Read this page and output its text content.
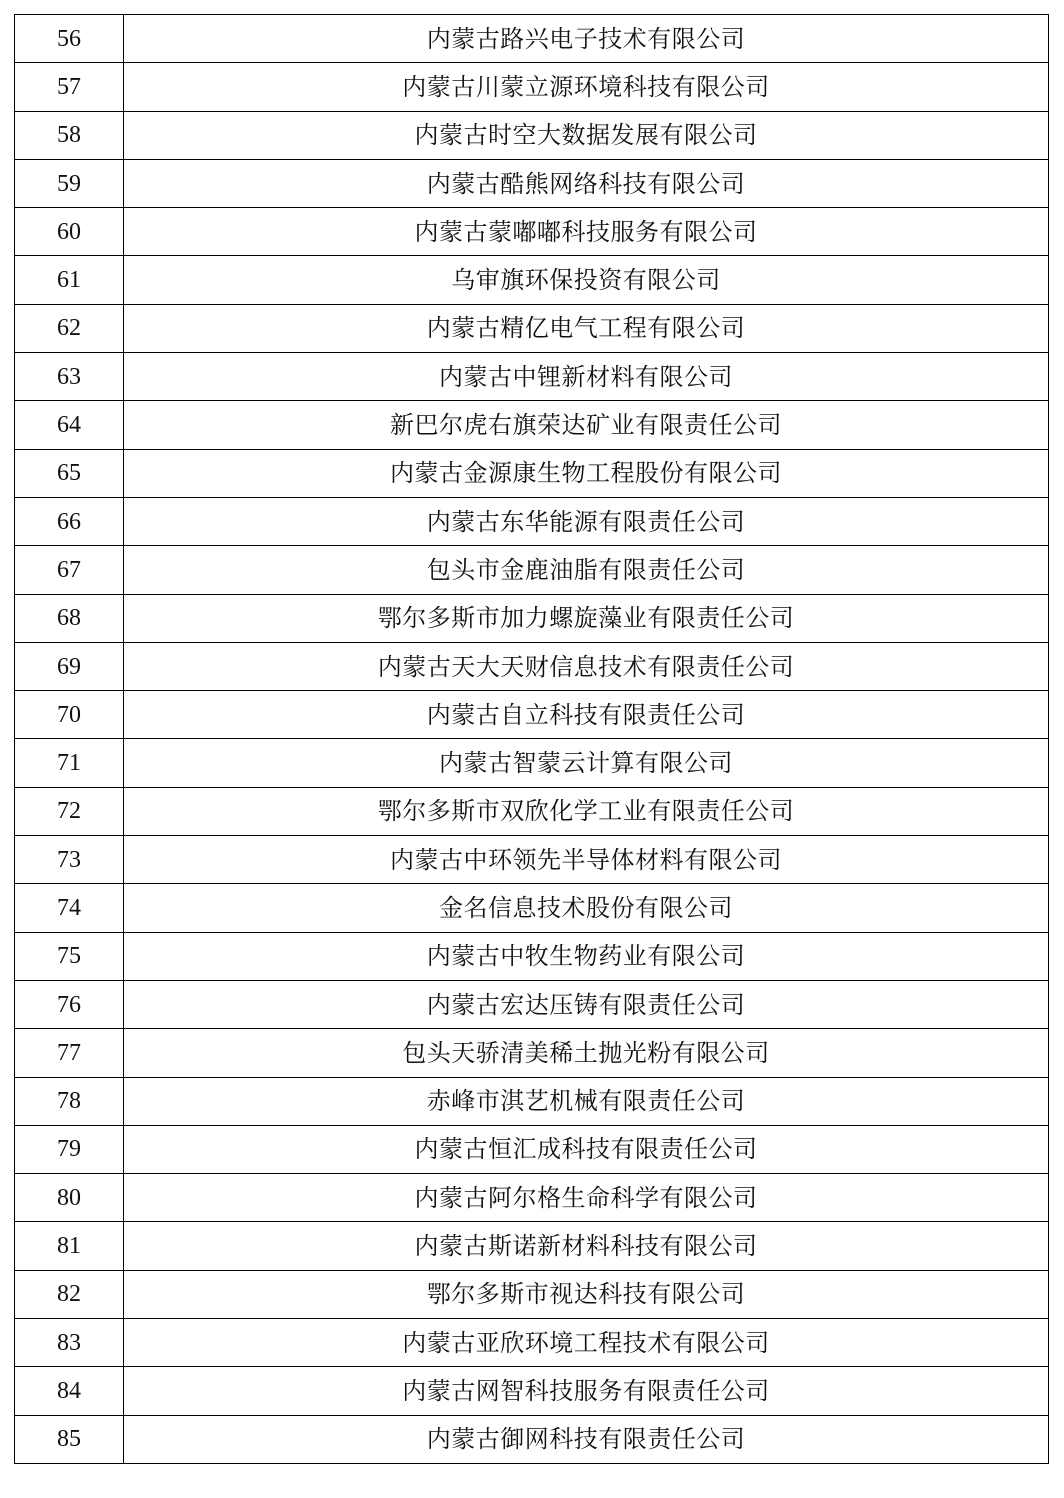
56	内蒙古路兴电子技术有限公司
57	内蒙古川蒙立源环境科技有限公司
58	内蒙古时空大数据发展有限公司
59	内蒙古酷熊网络科技有限公司
60	内蒙古蒙嘟嘟科技服务有限公司
61	乌审旗环保投资有限公司
62	内蒙古精亿电气工程有限公司
63	内蒙古中锂新材料有限公司
64	新巴尔虎右旗荣达矿业有限责任公司
65	内蒙古金源康生物工程股份有限公司
66	内蒙古东华能源有限责任公司
67	包头市金鹿油脂有限责任公司
68	鄂尔多斯市加力螺旋藻业有限责任公司
69	内蒙古天大天财信息技术有限责任公司
70	内蒙古自立科技有限责任公司
71	内蒙古智蒙云计算有限公司
72	鄂尔多斯市双欣化学工业有限责任公司
73	内蒙古中环领先半导体材料有限公司
74	金名信息技术股份有限公司
75	内蒙古中牧生物药业有限公司
76	内蒙古宏达压铸有限责任公司
77	包头天骄清美稀土抛光粉有限公司
78	赤峰市淇艺机械有限责任公司
79	内蒙古恒汇成科技有限责任公司
80	内蒙古阿尔格生命科学有限公司
81	内蒙古斯诺新材料科技有限公司
82	鄂尔多斯市视达科技有限公司
83	内蒙古亚欣环境工程技术有限公司
84	内蒙古网智科技服务有限责任公司
85	内蒙古御网科技有限责任公司
